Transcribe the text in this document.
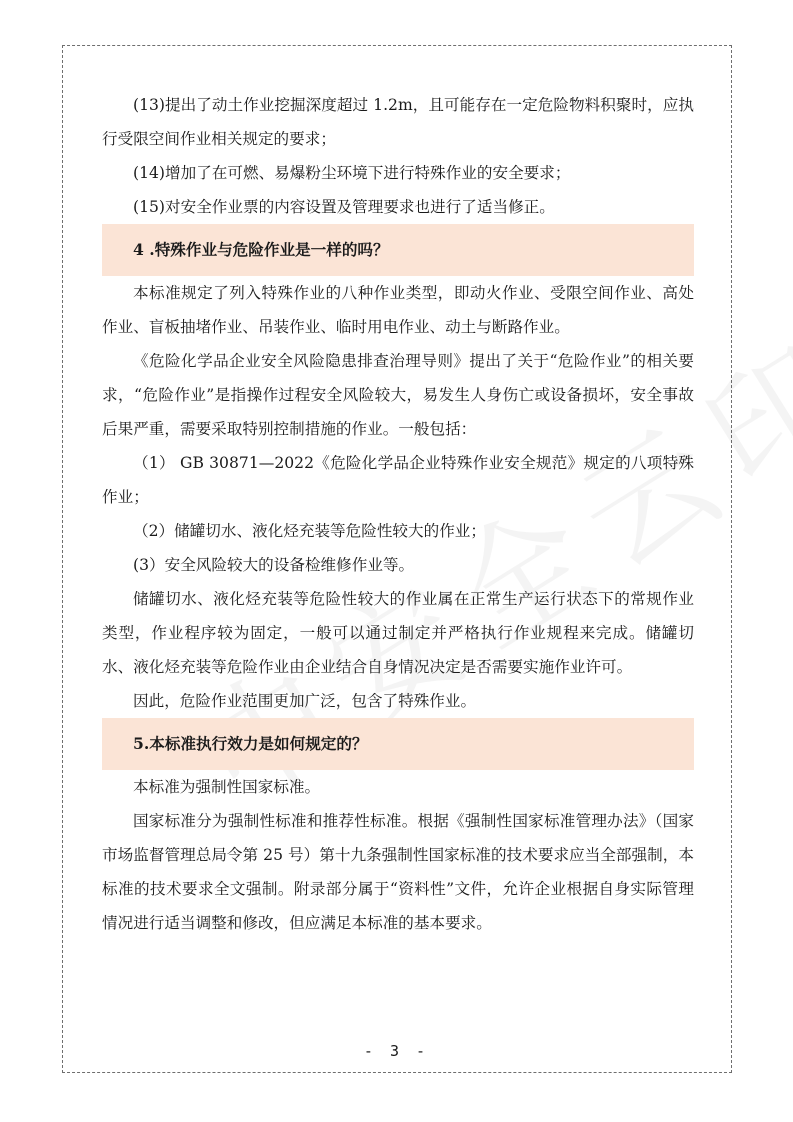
(13)提出了动土作业挖掘深度超过 1.2m，且可能存在一定危险物料积聚时，应执行受限空间作业相关规定的要求；

(14)增加了在可燃、易爆粉尘环境下进行特殊作业的安全要求；

(15)对安全作业票的内容设置及管理要求也进行了适当修正。

4 .特殊作业与危险作业是一样的吗？

本标准规定了列入特殊作业的八种作业类型，即动火作业、受限空间作业、高处作业、盲板抽堵作业、吊装作业、临时用电作业、动土与断路作业。

《危险化学品企业安全风险隐患排查治理导则》提出了关于“危险作业”的相关要求，“危险作业”是指操作过程安全风险较大，易发生人身伤亡或设备损坏，安全事故后果严重，需要采取特别控制措施的作业。一般包括：

（1） GB 30871—2022《危险化学品企业特殊作业安全规范》规定的八项特殊作业；

（2）储罐切水、液化烃充装等危险性较大的作业；

(3）安全风险较大的设备检维修作业等。

储罐切水、液化烃充装等危险性较大的作业属在正常生产运行状态下的常规作业类型，作业程序较为固定，一般可以通过制定并严格执行作业规程来完成。储罐切水、液化烃充装等危险作业由企业结合自身情况决定是否需要实施作业许可。

因此，危险作业范围更加广泛，包含了特殊作业。

5.本标准执行效力是如何规定的？

本标准为强制性国家标准。

国家标准分为强制性标准和推荐性标准。根据《强制性国家标准管理办法》（国家市场监督管理总局令第 25 号）第十九条强制性国家标准的技术要求应当全部强制，本标准的技术要求全文强制。附录部分属于“资料性”文件，允许企业根据自身实际管理情况进行适当调整和修改，但应满足本标准的基本要求。

- 3 -
